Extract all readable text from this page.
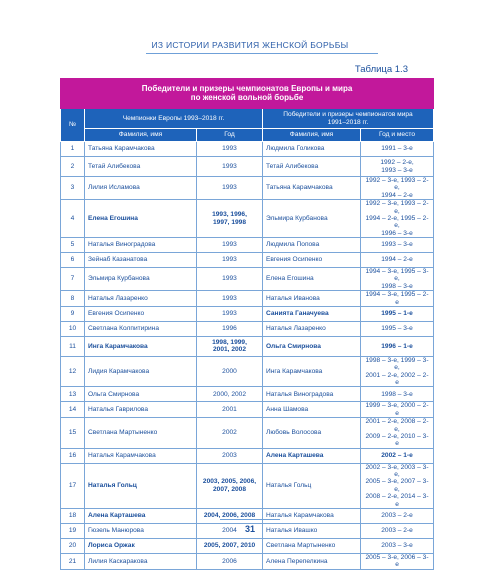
ИЗ ИСТОРИИ РАЗВИТИЯ ЖЕНСКОЙ БОРЬБЫ
Таблица 1.3
Победители и призеры чемпионатов Европы и мира
по женской вольной борьбе				

№	Чемпионки Европы 1993–2018 гг.		Победители и призеры чемпионатов мира
1991–2018 гг.	

	Фамилия, имя	Год	Фамилия, имя	Год и место
1	Татьяна Карамчакова	1993	Людмила Голикова	1991 – 3-е

2	Тетай Алибекова	1993	Тетай Алибекова	1992 – 2-е,
1993 – 3-е

3	Лилия Исламова	1993	Татьяна Карамчакова	1992 – 3-е, 1993 – 2-е,
1994 – 2-е

4	Елена Егошина	1993, 1996,
1997, 1998	Эльмира Курбанова	1992 – 3-е, 1993 – 2-е,
1994 – 2-е, 1995 – 2-е,
1996 – 3-е

5	Наталья Виноградова	1993	Людмила Попова	1993 – 3-е

6	Зейнаб Казанатова	1993	Евгения Осипенко	1994 – 2-е

7	Эльмира Курбанова	1993	Елена Егошина	1994 – 3-е, 1995 – 3-е,
1998 – 3-е

8	Наталья Лазаренко	1993	Наталья Иванова	1994 – 3-е, 1995 – 2-е

9	Евгения Осипенко	1993	Санията Ганачуева	1995 – 1-е

10	Светлана Колпитирина	1996	Наталья Лазаренко	1995 – 3-е

11	Инга Карамчакова	1998, 1999,
2001, 2002	Ольга Смирнова	1996 – 1-е

12	Лидия Карамчакова	2000	Инга Карамчакова	1998 – 3-е, 1999 – 3-е,
2001 – 2-е, 2002 – 2-е

13	Ольга Смирнова	2000, 2002	Наталья Виноградова	1998 – 3-е

14	Наталья Гаврилова	2001	Анна Шамова	1999 – 3-е, 2000 – 2-е

15	Светлана Мартыненко	2002	Любовь Волосова	2001 – 2-е, 2008 – 2-е,
2009 – 2-е, 2010 – 3-е

16	Наталья Карамчакова	2003	Алена Карташева	2002 – 1-е

17	Наталья Гольц	2003, 2005, 2006,
2007, 2008	Наталья Гольц	2002 – 3-е, 2003 – 3-е,
2005 – 3-е, 2007 – 3-е,
2008 – 2-е, 2014 – 3-е

18	Алена Карташева	2004, 2006, 2008	Наталья Карамчакова	2003 – 2-е

19	Гюзель Манюрова	2004	Наталья Ивашко	2003 – 2-е

20	Лориса Оржак	2005, 2007, 2010	Светлана Мартыненко	2003 – 3-е

21	Лилия Каскаракова	2006	Алена Перепелкина	2005 – 3-е, 2006 – 3-е
31
